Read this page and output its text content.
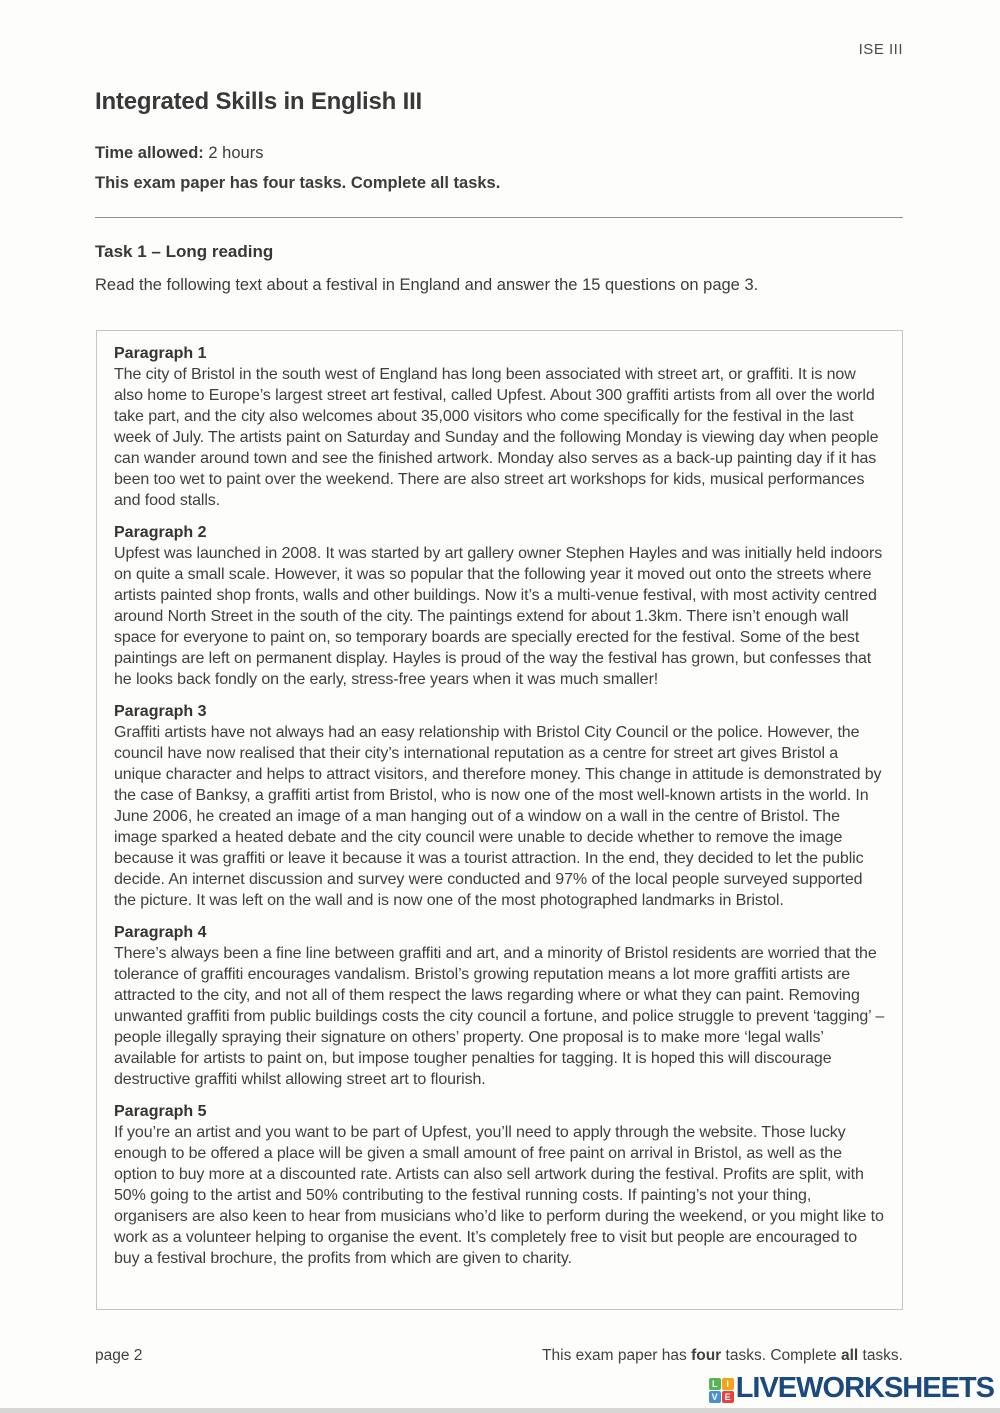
ISE III
Integrated Skills in English III

Time allowed: 2 hours

This exam paper has four tasks. Complete all tasks.

Task 1 – Long reading

Read the following text about a festival in England and answer the 15 questions on page 3.

Paragraph 1
The city of Bristol in the south west of England has long been associated with street art, or graffiti. It is now also home to Europe’s largest street art festival, called Upfest. About 300 graffiti artists from all over the world take part, and the city also welcomes about 35,000 visitors who come specifically for the festival in the last week of July. The artists paint on Saturday and Sunday and the following Monday is viewing day when people can wander around town and see the finished artwork. Monday also serves as a back-up painting day if it has been too wet to paint over the weekend. There are also street art workshops for kids, musical performances and food stalls.
Paragraph 2
Upfest was launched in 2008. It was started by art gallery owner Stephen Hayles and was initially held indoors on quite a small scale. However, it was so popular that the following year it moved out onto the streets where artists painted shop fronts, walls and other buildings. Now it’s a multi-venue festival, with most activity centred around North Street in the south of the city. The paintings extend for about 1.3km. There isn’t enough wall space for everyone to paint on, so temporary boards are specially erected for the festival. Some of the best paintings are left on permanent display. Hayles is proud of the way the festival has grown, but confesses that he looks back fondly on the early, stress-free years when it was much smaller!
Paragraph 3
Graffiti artists have not always had an easy relationship with Bristol City Council or the police. However, the council have now realised that their city’s international reputation as a centre for street art gives Bristol a unique character and helps to attract visitors, and therefore money. This change in attitude is demonstrated by the case of Banksy, a graffiti artist from Bristol, who is now one of the most well-known artists in the world. In June 2006, he created an image of a man hanging out of a window on a wall in the centre of Bristol. The image sparked a heated debate and the city council were unable to decide whether to remove the image because it was graffiti or leave it because it was a tourist attraction. In the end, they decided to let the public decide. An internet discussion and survey were conducted and 97% of the local people surveyed supported the picture. It was left on the wall and is now one of the most photographed landmarks in Bristol.
Paragraph 4
There’s always been a fine line between graffiti and art, and a minority of Bristol residents are worried that the tolerance of graffiti encourages vandalism. Bristol’s growing reputation means a lot more graffiti artists are attracted to the city, and not all of them respect the laws regarding where or what they can paint. Removing unwanted graffiti from public buildings costs the city council a fortune, and police struggle to prevent ‘tagging’ – people illegally spraying their signature on others’ property. One proposal is to make more ‘legal walls’ available for artists to paint on, but impose tougher penalties for tagging. It is hoped this will discourage destructive graffiti whilst allowing street art to flourish.
Paragraph 5
If you’re an artist and you want to be part of Upfest, you’ll need to apply through the website. Those lucky enough to be offered a place will be given a small amount of free paint on arrival in Bristol, as well as the option to buy more at a discounted rate. Artists can also sell artwork during the festival. Profits are split, with 50% going to the artist and 50% contributing to the festival running costs. If painting’s not your thing, organisers are also keen to hear from musicians who’d like to perform during the weekend, or you might like to work as a volunteer helping to organise the event. It’s completely free to visit but people are encouraged to buy a festival brochure, the profits from which are given to charity.
page 2	This exam paper has four tasks. Complete all tasks.
L I
V E LIVEWORKSHEETS
